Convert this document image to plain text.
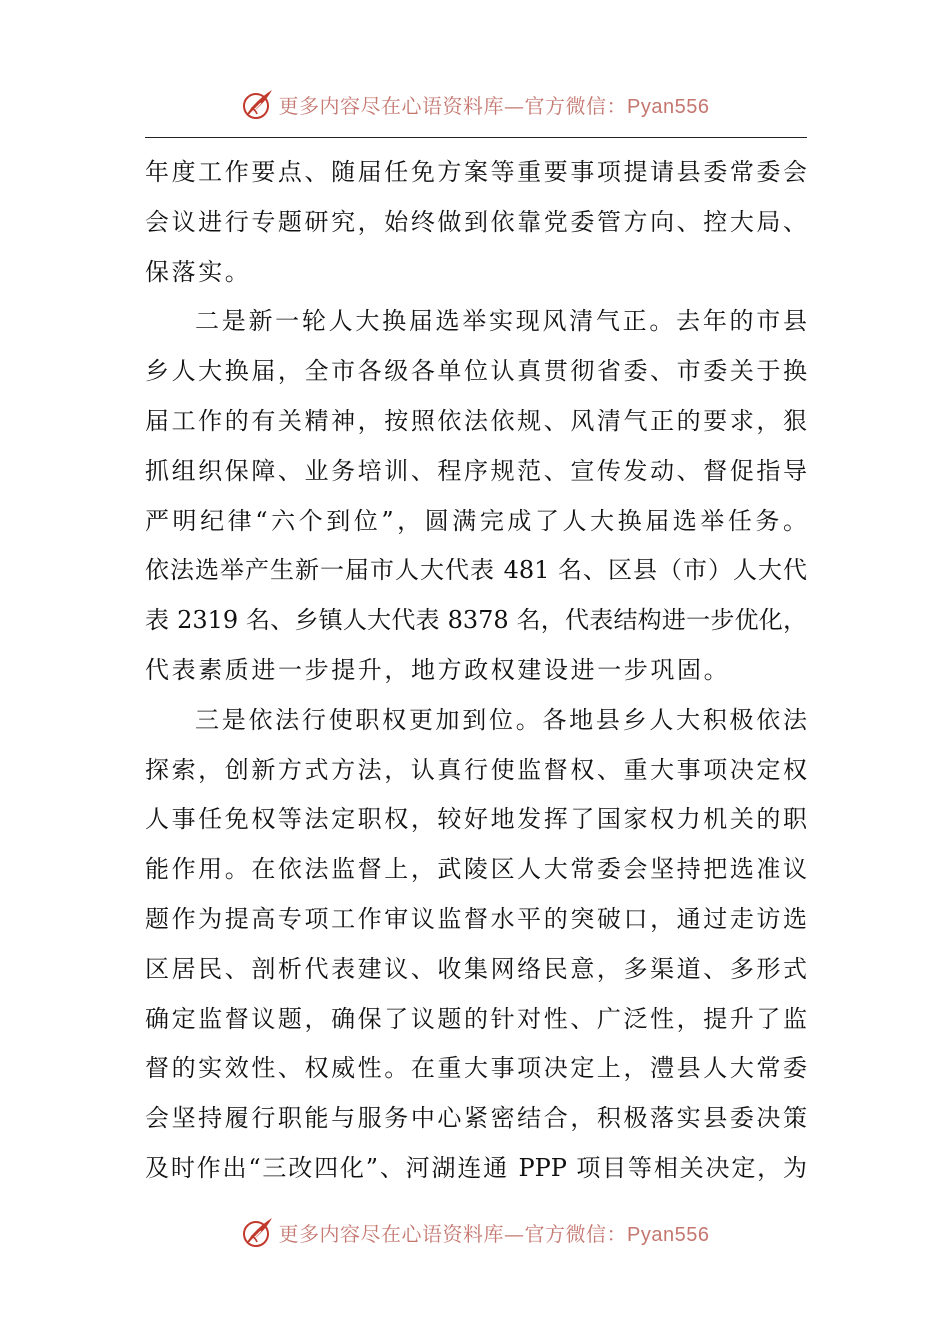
更多内容尽在心语资料库—官方微信：Pyan556
年度工作要点、随届任免方案等重要事项提请县委常委会
会议进行专题研究，始终做到依靠党委管方向、控大局、
保落实。
二是新一轮人大换届选举实现风清气正。去年的市县
乡人大换届，全市各级各单位认真贯彻省委、市委关于换
届工作的有关精神，按照依法依规、风清气正的要求，狠
抓组织保障、业务培训、程序规范、宣传发动、督促指导
严明纪律“六个到位”，圆满完成了人大换届选举任务。
依法选举产生新一届市人大代表 481 名、区县（市）人大代
表 2319 名、乡镇人大代表 8378 名，代表结构进一步优化，
代表素质进一步提升，地方政权建设进一步巩固。
三是依法行使职权更加到位。各地县乡人大积极依法
探索，创新方式方法，认真行使监督权、重大事项决定权
人事任免权等法定职权，较好地发挥了国家权力机关的职
能作用。在依法监督上，武陵区人大常委会坚持把选准议
题作为提高专项工作审议监督水平的突破口，通过走访选
区居民、剖析代表建议、收集网络民意，多渠道、多形式
确定监督议题，确保了议题的针对性、广泛性，提升了监
督的实效性、权威性。在重大事项决定上，澧县人大常委
会坚持履行职能与服务中心紧密结合，积极落实县委决策
及时作出“三改四化”、河湖连通 PPP 项目等相关决定，为
更多内容尽在心语资料库—官方微信：Pyan556
